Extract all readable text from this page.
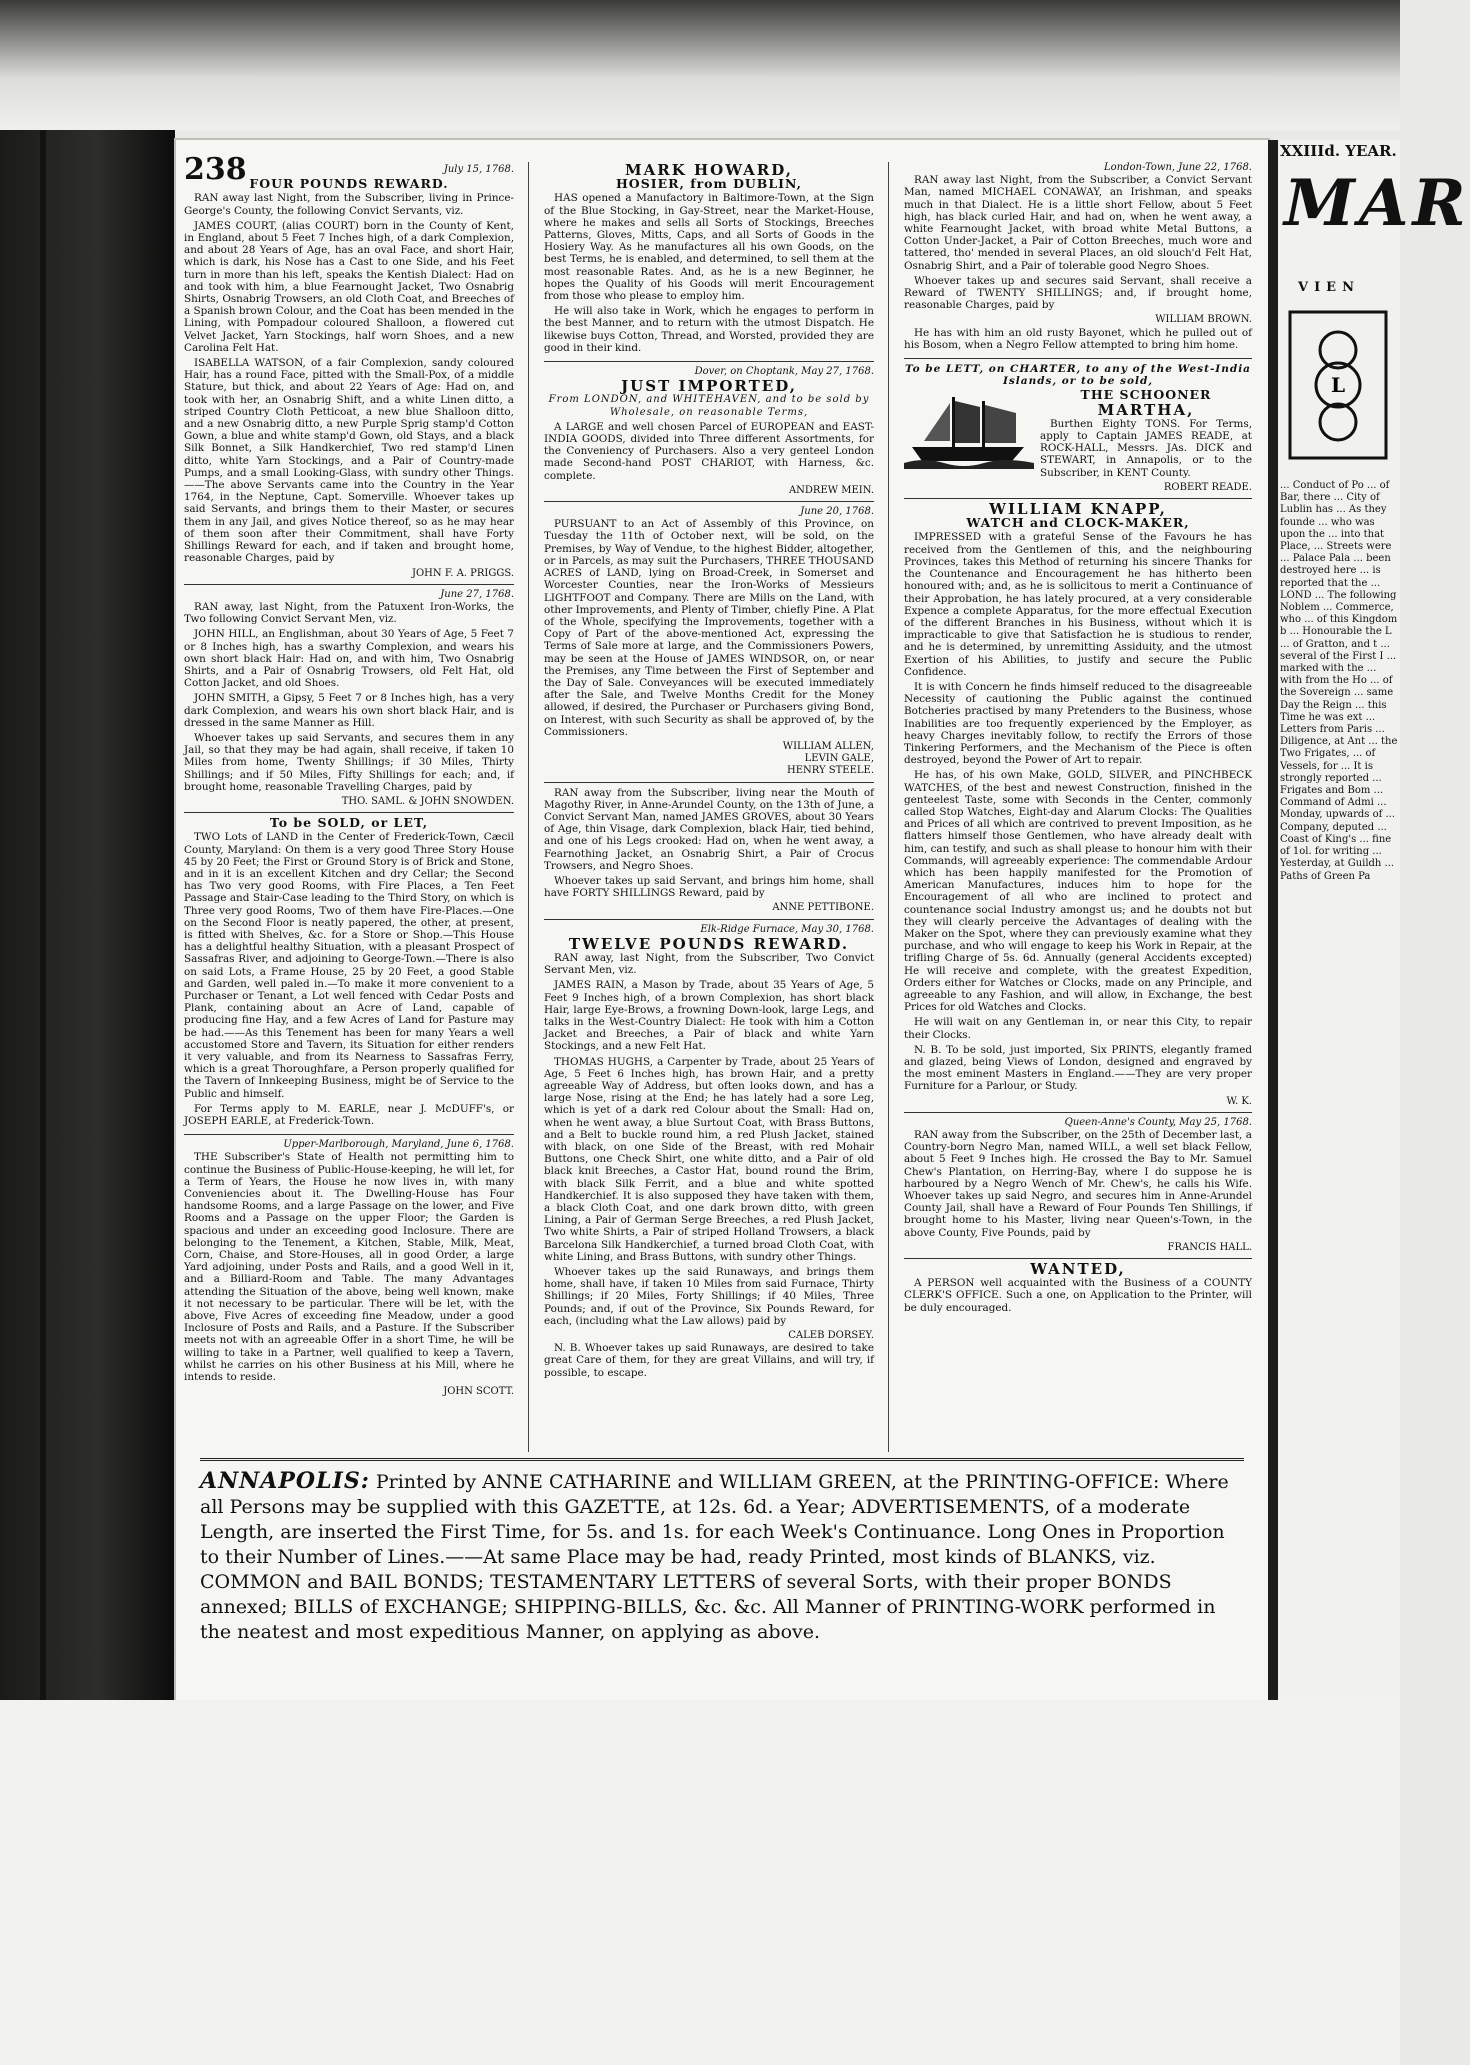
238	July 15, 1768.
FOUR POUNDS REWARD.

RAN away last Night, from the Subscriber, living in Prince-George's County, the following Convict Servants, viz.

JAMES COURT, (alias COURT) born in the County of Kent, in England, about 5 Feet 7 Inches high, of a dark Complexion, and about 28 Years of Age, has an oval Face, and short Hair, which is dark, his Nose has a Cast to one Side, and his Feet turn in more than his left, speaks the Kentish Dialect: Had on and took with him, a blue Fearnought Jacket, Two Osnabrig Shirts, Osnabrig Trowsers, an old Cloth Coat, and Breeches of a Spanish brown Colour, and the Coat has been mended in the Lining, with Pompadour coloured Shalloon, a flowered cut Velvet Jacket, Yarn Stockings, half worn Shoes, and a new Carolina Felt Hat.

ISABELLA WATSON, of a fair Complexion, sandy coloured Hair, has a round Face, pitted with the Small-Pox, of a middle Stature, but thick, and about 22 Years of Age: Had on, and took with her, an Osnabrig Shift, and a white Linen ditto, a striped Country Cloth Petticoat, a new blue Shalloon ditto, and a new Osnabrig ditto, a new Purple Sprig stamp'd Cotton Gown, a blue and white stamp'd Gown, old Stays, and a black Silk Bonnet, a Silk Handkerchief, Two red stamp'd Linen ditto, white Yarn Stockings, and a Pair of Country-made Pumps, and a small Looking-Glass, with sundry other Things. ——The above Servants came into the Country in the Year 1764, in the Neptune, Capt. Somerville. Whoever takes up said Servants, and brings them to their Master, or secures them in any Jail, and gives Notice thereof, so as he may hear of them soon after their Commitment, shall have Forty Shillings Reward for each, and if taken and brought home, reasonable Charges, paid by

JOHN F. A. PRIGGS.
June 27, 1768.

RAN away, last Night, from the Patuxent Iron-Works, the Two following Convict Servant Men, viz.

JOHN HILL, an Englishman, about 30 Years of Age, 5 Feet 7 or 8 Inches high, has a swarthy Complexion, and wears his own short black Hair: Had on, and with him, Two Osnabrig Shirts, and a Pair of Osnabrig Trowsers, old Felt Hat, old Cotton Jacket, and old Shoes.

JOHN SMITH, a Gipsy, 5 Feet 7 or 8 Inches high, has a very dark Complexion, and wears his own short black Hair, and is dressed in the same Manner as Hill.

Whoever takes up said Servants, and secures them in any Jail, so that they may be had again, shall receive, if taken 10 Miles from home, Twenty Shillings; if 30 Miles, Thirty Shillings; and if 50 Miles, Fifty Shillings for each; and, if brought home, reasonable Travelling Charges, paid by

THO. SAML. & JOHN SNOWDEN.
To be SOLD, or LET,

TWO Lots of LAND in the Center of Frederick-Town, Cæcil County, Maryland: On them is a very good Three Story House 45 by 20 Feet; the First or Ground Story is of Brick and Stone, and in it is an excellent Kitchen and dry Cellar; the Second has Two very good Rooms, with Fire Places, a Ten Feet Passage and Stair-Case leading to the Third Story, on which is Three very good Rooms, Two of them have Fire-Places.—One on the Second Floor is neatly papered, the other, at present, is fitted with Shelves, &c. for a Store or Shop.—This House has a delightful healthy Situation, with a pleasant Prospect of Sassafras River, and adjoining to George-Town.—There is also on said Lots, a Frame House, 25 by 20 Feet, a good Stable and Garden, well paled in.—To make it more convenient to a Purchaser or Tenant, a Lot well fenced with Cedar Posts and Plank, containing about an Acre of Land, capable of producing fine Hay, and a few Acres of Land for Pasture may be had.——As this Tenement has been for many Years a well accustomed Store and Tavern, its Situation for either renders it very valuable, and from its Nearness to Sassafras Ferry, which is a great Thoroughfare, a Person properly qualified for the Tavern of Innkeeping Business, might be of Service to the Public and himself.

For Terms apply to M. EARLE, near J. McDUFF's, or JOSEPH EARLE, at Frederick-Town.

Upper-Marlborough, Maryland, June 6, 1768.

THE Subscriber's State of Health not permitting him to continue the Business of Public-House-keeping, he will let, for a Term of Years, the House he now lives in, with many Conveniencies about it. The Dwelling-House has Four handsome Rooms, and a large Passage on the lower, and Five Rooms and a Passage on the upper Floor; the Garden is spacious and under an exceeding good Inclosure. There are belonging to the Tenement, a Kitchen, Stable, Milk, Meat, Corn, Chaise, and Store-Houses, all in good Order, a large Yard adjoining, under Posts and Rails, and a good Well in it, and a Billiard-Room and Table. The many Advantages attending the Situation of the above, being well known, make it not necessary to be particular. There will be let, with the above, Five Acres of exceeding fine Meadow, under a good Inclosure of Posts and Rails, and a Pasture. If the Subscriber meets not with an agreeable Offer in a short Time, he will be willing to take in a Partner, well qualified to keep a Tavern, whilst he carries on his other Business at his Mill, where he intends to reside.

JOHN SCOTT.
MARK HOWARD,
HOSIER, from DUBLIN,

HAS opened a Manufactory in Baltimore-Town, at the Sign of the Blue Stocking, in Gay-Street, near the Market-House, where he makes and sells all Sorts of Stockings, Breeches Patterns, Gloves, Mitts, Caps, and all Sorts of Goods in the Hosiery Way. As he manufactures all his own Goods, on the best Terms, he is enabled, and determined, to sell them at the most reasonable Rates. And, as he is a new Beginner, he hopes the Quality of his Goods will merit Encouragement from those who please to employ him.

He will also take in Work, which he engages to perform in the best Manner, and to return with the utmost Dispatch. He likewise buys Cotton, Thread, and Worsted, provided they are good in their kind.

Dover, on Choptank, May 27, 1768.
JUST IMPORTED,
From LONDON, and WHITEHAVEN, and to be sold by Wholesale, on reasonable Terms,

A LARGE and well chosen Parcel of EUROPEAN and EAST-INDIA GOODS, divided into Three different Assortments, for the Conveniency of Purchasers. Also a very genteel London made Second-hand POST CHARIOT, with Harness, &c. complete.

ANDREW MEIN.
June 20, 1768.

PURSUANT to an Act of Assembly of this Province, on Tuesday the 11th of October next, will be sold, on the Premises, by Way of Vendue, to the highest Bidder, altogether, or in Parcels, as may suit the Purchasers, THREE THOUSAND ACRES of LAND, lying on Broad-Creek, in Somerset and Worcester Counties, near the Iron-Works of Messieurs LIGHTFOOT and Company. There are Mills on the Land, with other Improvements, and Plenty of Timber, chiefly Pine. A Plat of the Whole, specifying the Improvements, together with a Copy of Part of the above-mentioned Act, expressing the Terms of Sale more at large, and the Commissioners Powers, may be seen at the House of JAMES WINDSOR, on, or near the Premises, any Time between the First of September and the Day of Sale. Conveyances will be executed immediately after the Sale, and Twelve Months Credit for the Money allowed, if desired, the Purchaser or Purchasers giving Bond, on Interest, with such Security as shall be approved of, by the Commissioners.

WILLIAM ALLEN,
LEVIN GALE,
HENRY STEELE.

RAN away from the Subscriber, living near the Mouth of Magothy River, in Anne-Arundel County, on the 13th of June, a Convict Servant Man, named JAMES GROVES, about 30 Years of Age, thin Visage, dark Complexion, black Hair, tied behind, and one of his Legs crooked: Had on, when he went away, a Fearnothing Jacket, an Osnabrig Shirt, a Pair of Crocus Trowsers, and Negro Shoes.

Whoever takes up said Servant, and brings him home, shall have FORTY SHILLINGS Reward, paid by

ANNE PETTIBONE.
Elk-Ridge Furnace, May 30, 1768.
TWELVE POUNDS REWARD.

RAN away, last Night, from the Subscriber, Two Convict Servant Men, viz.

JAMES RAIN, a Mason by Trade, about 35 Years of Age, 5 Feet 9 Inches high, of a brown Complexion, has short black Hair, large Eye-Brows, a frowning Down-look, large Legs, and talks in the West-Country Dialect: He took with him a Cotton Jacket and Breeches, a Pair of black and white Yarn Stockings, and a new Felt Hat.

THOMAS HUGHS, a Carpenter by Trade, about 25 Years of Age, 5 Feet 6 Inches high, has brown Hair, and a pretty agreeable Way of Address, but often looks down, and has a large Nose, rising at the End; he has lately had a sore Leg, which is yet of a dark red Colour about the Small: Had on, when he went away, a blue Surtout Coat, with Brass Buttons, and a Belt to buckle round him, a red Plush Jacket, stained with black, on one Side of the Breast, with red Mohair Buttons, one Check Shirt, one white ditto, and a Pair of old black knit Breeches, a Castor Hat, bound round the Brim, with black Silk Ferrit, and a blue and white spotted Handkerchief. It is also supposed they have taken with them, a black Cloth Coat, and one dark brown ditto, with green Lining, a Pair of German Serge Breeches, a red Plush Jacket, Two white Shirts, a Pair of striped Holland Trowsers, a black Barcelona Silk Handkerchief, a turned broad Cloth Coat, with white Lining, and Brass Buttons, with sundry other Things.

Whoever takes up the said Runaways, and brings them home, shall have, if taken 10 Miles from said Furnace, Thirty Shillings; if 20 Miles, Forty Shillings; if 40 Miles, Three Pounds; and, if out of the Province, Six Pounds Reward, for each, (including what the Law allows) paid by

CALEB DORSEY.

N. B. Whoever takes up said Runaways, are desired to take great Care of them, for they are great Villains, and will try, if possible, to escape.

London-Town, June 22, 1768.

RAN away last Night, from the Subscriber, a Convict Servant Man, named MICHAEL CONAWAY, an Irishman, and speaks much in that Dialect. He is a little short Fellow, about 5 Feet high, has black curled Hair, and had on, when he went away, a white Fearnought Jacket, with broad white Metal Buttons, a Cotton Under-Jacket, a Pair of Cotton Breeches, much wore and tattered, tho' mended in several Places, an old slouch'd Felt Hat, Osnabrig Shirt, and a Pair of tolerable good Negro Shoes.

Whoever takes up and secures said Servant, shall receive a Reward of TWENTY SHILLINGS; and, if brought home, reasonable Charges, paid by

WILLIAM BROWN.

He has with him an old rusty Bayonet, which he pulled out of his Bosom, when a Negro Fellow attempted to bring him home.

To be LETT, on CHARTER, to any of the West-India Islands, or to be sold,
THE SCHOONER
MARTHA,

Burthen Eighty TONS. For Terms, apply to Captain JAMES READE, at ROCK-HALL, Messrs. JAs. DICK and STEWART, in Annapolis, or to the Subscriber, in KENT County.

ROBERT READE.
WILLIAM KNAPP,
WATCH and CLOCK-MAKER,

IMPRESSED with a grateful Sense of the Favours he has received from the Gentlemen of this, and the neighbouring Provinces, takes this Method of returning his sincere Thanks for the Countenance and Encouragement he has hitherto been honoured with; and, as he is sollicitous to merit a Continuance of their Approbation, he has lately procured, at a very considerable Expence a complete Apparatus, for the more effectual Execution of the different Branches in his Business, without which it is impracticable to give that Satisfaction he is studious to render, and he is determined, by unremitting Assiduity, and the utmost Exertion of his Abilities, to justify and secure the Public Confidence.

It is with Concern he finds himself reduced to the disagreeable Necessity of cautioning the Public against the continued Botcheries practised by many Pretenders to the Business, whose Inabilities are too frequently experienced by the Employer, as heavy Charges inevitably follow, to rectify the Errors of those Tinkering Performers, and the Mechanism of the Piece is often destroyed, beyond the Power of Art to repair.

He has, of his own Make, GOLD, SILVER, and PINCHBECK WATCHES, of the best and newest Construction, finished in the genteelest Taste, some with Seconds in the Center, commonly called Stop Watches, Eight-day and Alarum Clocks: The Qualities and Prices of all which are contrived to prevent Imposition, as he flatters himself those Gentlemen, who have already dealt with him, can testify, and such as shall please to honour him with their Commands, will agreeably experience: The commendable Ardour which has been happily manifested for the Promotion of American Manufactures, induces him to hope for the Encouragement of all who are inclined to protect and countenance social Industry amongst us; and he doubts not but they will clearly perceive the Advantages of dealing with the Maker on the Spot, where they can previously examine what they purchase, and who will engage to keep his Work in Repair, at the trifling Charge of 5s. 6d. Annually (general Accidents excepted) He will receive and complete, with the greatest Expedition, Orders either for Watches or Clocks, made on any Principle, and agreeable to any Fashion, and will allow, in Exchange, the best Prices for old Watches and Clocks.

He will wait on any Gentleman in, or near this City, to repair their Clocks.

N. B. To be sold, just imported, Six PRINTS, elegantly framed and glazed, being Views of London, designed and engraved by the most eminent Masters in England.——They are very proper Furniture for a Parlour, or Study.

W. K.
Queen-Anne's County, May 25, 1768.

RAN away from the Subscriber, on the 25th of December last, a Country-born Negro Man, named WILL, a well set black Fellow, about 5 Feet 9 Inches high. He crossed the Bay to Mr. Samuel Chew's Plantation, on Herring-Bay, where I do suppose he is harboured by a Negro Wench of Mr. Chew's, he calls his Wife. Whoever takes up said Negro, and secures him in Anne-Arundel County Jail, shall have a Reward of Four Pounds Ten Shillings, if brought home to his Master, living near Queen's-Town, in the above County, Five Pounds, paid by

FRANCIS HALL.
WANTED,

A PERSON well acquainted with the Business of a COUNTY CLERK'S OFFICE. Such a one, on Application to the Printer, will be duly encouraged.

ANNAPOLIS: Printed by ANNE CATHARINE and WILLIAM GREEN, at the PRINTING-OFFICE: Where all Persons may be supplied with this GAZETTE, at 12s. 6d. a Year; ADVERTISEMENTS, of a moderate Length, are inserted the First Time, for 5s. and 1s. for each Week's Continuance. Long Ones in Proportion to their Number of Lines.——At same Place may be had, ready Printed, most kinds of BLANKS, viz. COMMON and BAIL BONDS; TESTAMENTARY LETTERS of several Sorts, with their proper BONDS annexed; BILLS of EXCHANGE; SHIPPING-BILLS, &c. &c. All Manner of PRINTING-WORK performed in the neatest and most expeditious Manner, on applying as above.
XXIIId. YEAR.
MAR
VIEN
L
... Conduct of Po ... of Bar, there ... City of Lublin has ... As they founde ... who was upon the ... into that Place, ... Streets were ... Palace Pala ... been destroyed here ... is reported that the ... LOND ... The following Noblem ... Commerce, who ... of this Kingdom b ... Honourable the L ... of Gratton, and t ... several of the First I ... marked with the ... with from the Ho ... of the Sovereign ... same Day the Reign ... this Time he was ext ... Letters from Paris ... Diligence, at Ant ... the Two Frigates, ... of Vessels, for ... It is strongly reported ... Frigates and Bom ... Command of Admi ... Monday, upwards of ... Company, deputed ... Coast of King's ... fine of 1ol. for writing ... Yesterday, at Guildh ... Paths of Green Pa
